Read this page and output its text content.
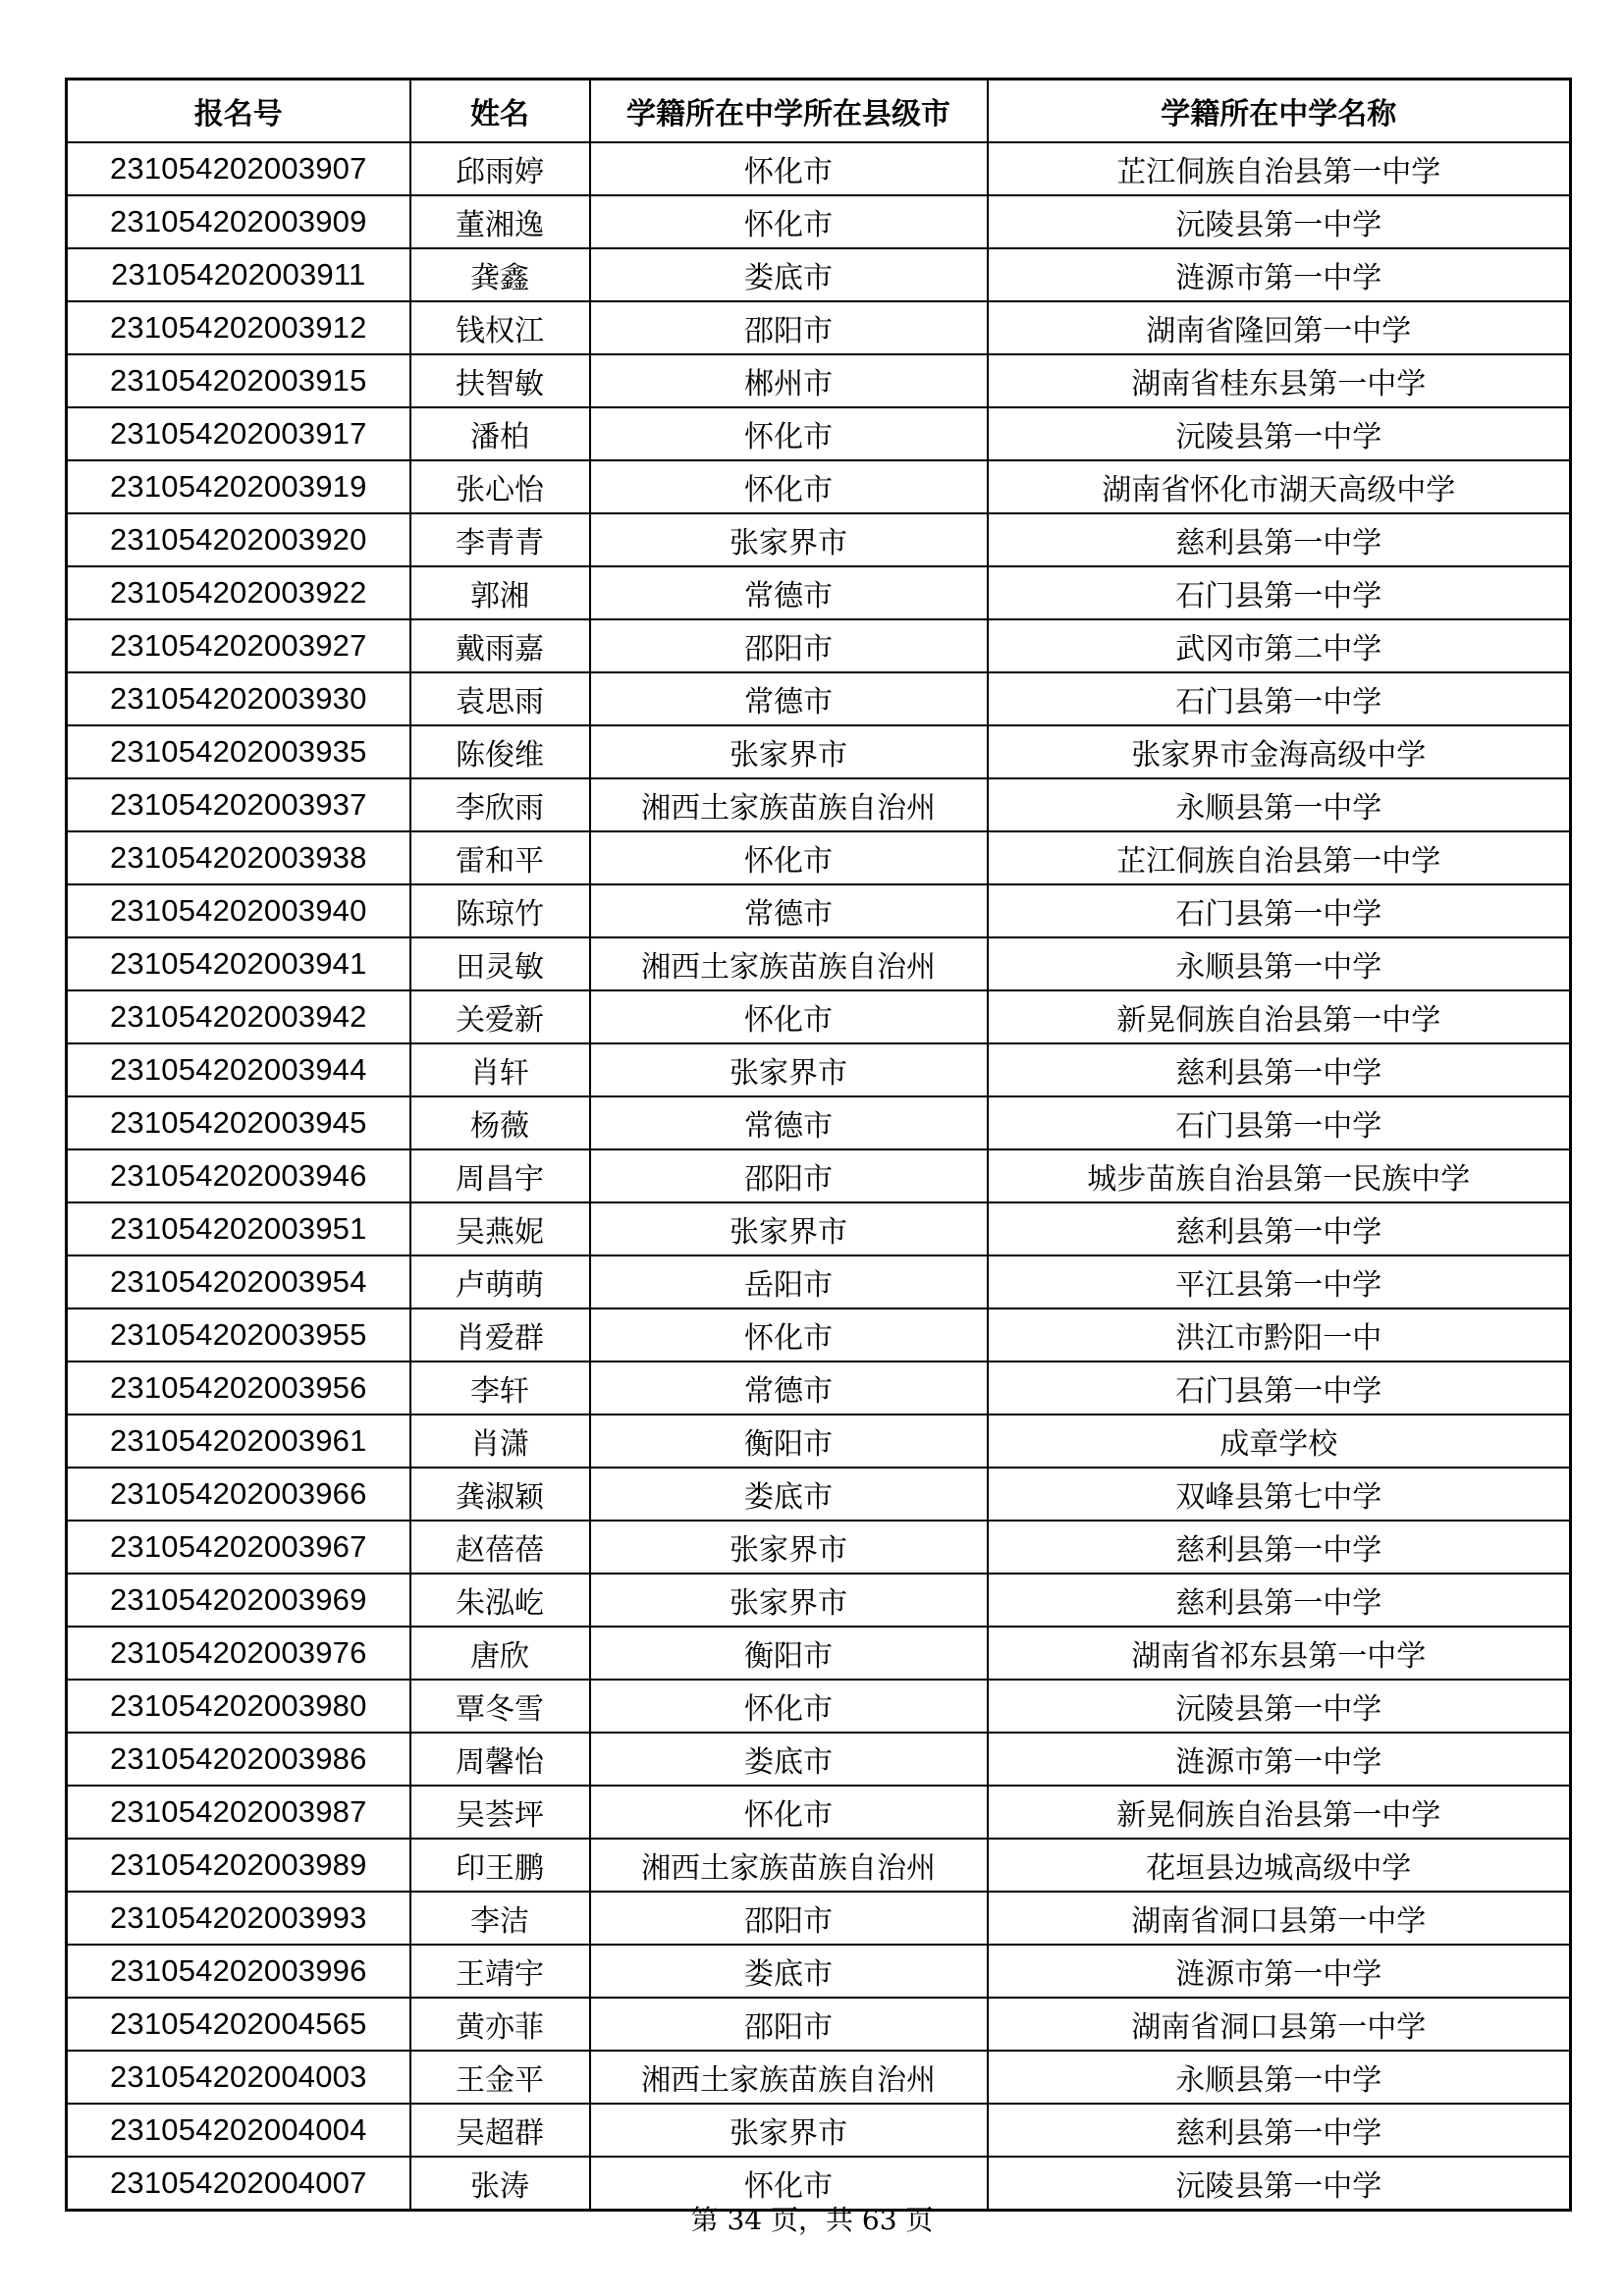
报名号	姓名	学籍所在中学所在县级市	学籍所在中学名称
231054202003907	邱雨婷	怀化市	芷江侗族自治县第一中学
231054202003909	董湘逸	怀化市	沅陵县第一中学
231054202003911	龚鑫	娄底市	涟源市第一中学
231054202003912	钱权江	邵阳市	湖南省隆回第一中学
231054202003915	扶智敏	郴州市	湖南省桂东县第一中学
231054202003917	潘柏	怀化市	沅陵县第一中学
231054202003919	张心怡	怀化市	湖南省怀化市湖天高级中学
231054202003920	李青青	张家界市	慈利县第一中学
231054202003922	郭湘	常德市	石门县第一中学
231054202003927	戴雨嘉	邵阳市	武冈市第二中学
231054202003930	袁思雨	常德市	石门县第一中学
231054202003935	陈俊维	张家界市	张家界市金海高级中学
231054202003937	李欣雨	湘西土家族苗族自治州	永顺县第一中学
231054202003938	雷和平	怀化市	芷江侗族自治县第一中学
231054202003940	陈琼竹	常德市	石门县第一中学
231054202003941	田灵敏	湘西土家族苗族自治州	永顺县第一中学
231054202003942	关爱新	怀化市	新晃侗族自治县第一中学
231054202003944	肖轩	张家界市	慈利县第一中学
231054202003945	杨薇	常德市	石门县第一中学
231054202003946	周昌宇	邵阳市	城步苗族自治县第一民族中学
231054202003951	吴燕妮	张家界市	慈利县第一中学
231054202003954	卢萌萌	岳阳市	平江县第一中学
231054202003955	肖爱群	怀化市	洪江市黔阳一中
231054202003956	李轩	常德市	石门县第一中学
231054202003961	肖潇	衡阳市	成章学校
231054202003966	龚淑颖	娄底市	双峰县第七中学
231054202003967	赵蓓蓓	张家界市	慈利县第一中学
231054202003969	朱泓屹	张家界市	慈利县第一中学
231054202003976	唐欣	衡阳市	湖南省祁东县第一中学
231054202003980	覃冬雪	怀化市	沅陵县第一中学
231054202003986	周馨怡	娄底市	涟源市第一中学
231054202003987	吴荟坪	怀化市	新晃侗族自治县第一中学
231054202003989	印王鹏	湘西土家族苗族自治州	花垣县边城高级中学
231054202003993	李洁	邵阳市	湖南省洞口县第一中学
231054202003996	王靖宇	娄底市	涟源市第一中学
231054202004565	黄亦菲	邵阳市	湖南省洞口县第一中学
231054202004003	王金平	湘西土家族苗族自治州	永顺县第一中学
231054202004004	吴超群	张家界市	慈利县第一中学
231054202004007	张涛	怀化市	沅陵县第一中学
第 34 页，共 63 页
